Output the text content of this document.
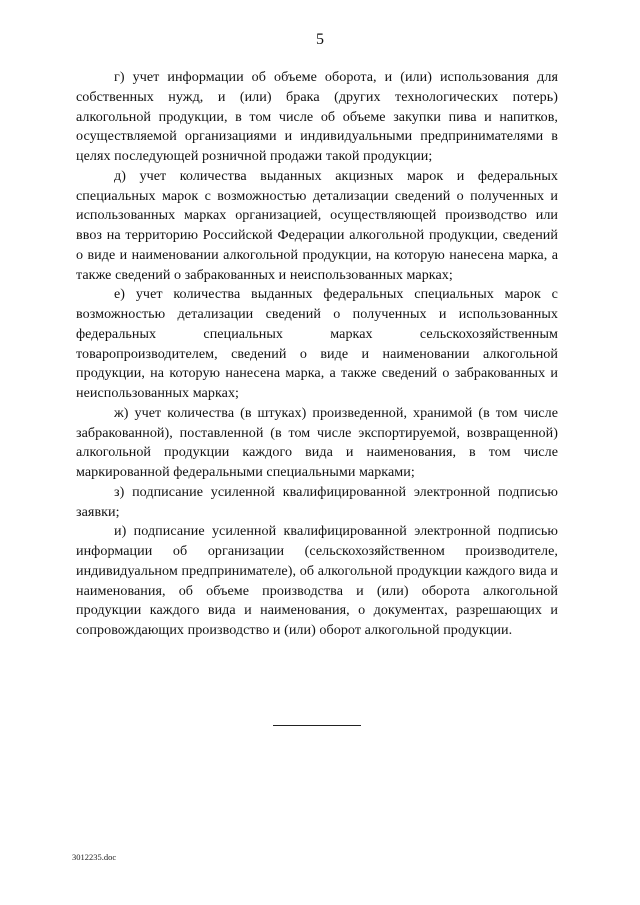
5

г) учет информации об объеме оборота, и (или) использования для собственных нужд, и (или) брака (других технологических потерь) алкогольной продукции, в том числе об объеме закупки пива и напитков, осуществляемой организациями и индивидуальными предпринимателями в целях последующей розничной продажи такой продукции;

д) учет количества выданных акцизных марок и федеральных специальных марок с возможностью детализации сведений о полученных и использованных марках организацией, осуществляющей производство или ввоз на территорию Российской Федерации алкогольной продукции, сведений о виде и наименовании алкогольной продукции, на которую нанесена марка, а также сведений о забракованных и неиспользованных марках;

е) учет количества выданных федеральных специальных марок с возможностью детализации сведений о полученных и использованных федеральных специальных марках сельскохозяйственным товаропроизводителем, сведений о виде и наименовании алкогольной продукции, на которую нанесена марка, а также сведений о забракованных и неиспользованных марках;

ж) учет количества (в штуках) произведенной, хранимой (в том числе забракованной), поставленной (в том числе экспортируемой, возвращенной) алкогольной продукции каждого вида и наименования, в том числе маркированной федеральными специальными марками;

з) подписание усиленной квалифицированной электронной подписью заявки;

и) подписание усиленной квалифицированной электронной подписью информации об организации (сельскохозяйственном производителе, индивидуальном предпринимателе), об алкогольной продукции каждого вида и наименования, об объеме производства и (или) оборота алкогольной продукции каждого вида и наименования, о документах, разрешающих и сопровождающих производство и (или) оборот алкогольной продукции.

3012235.doc
